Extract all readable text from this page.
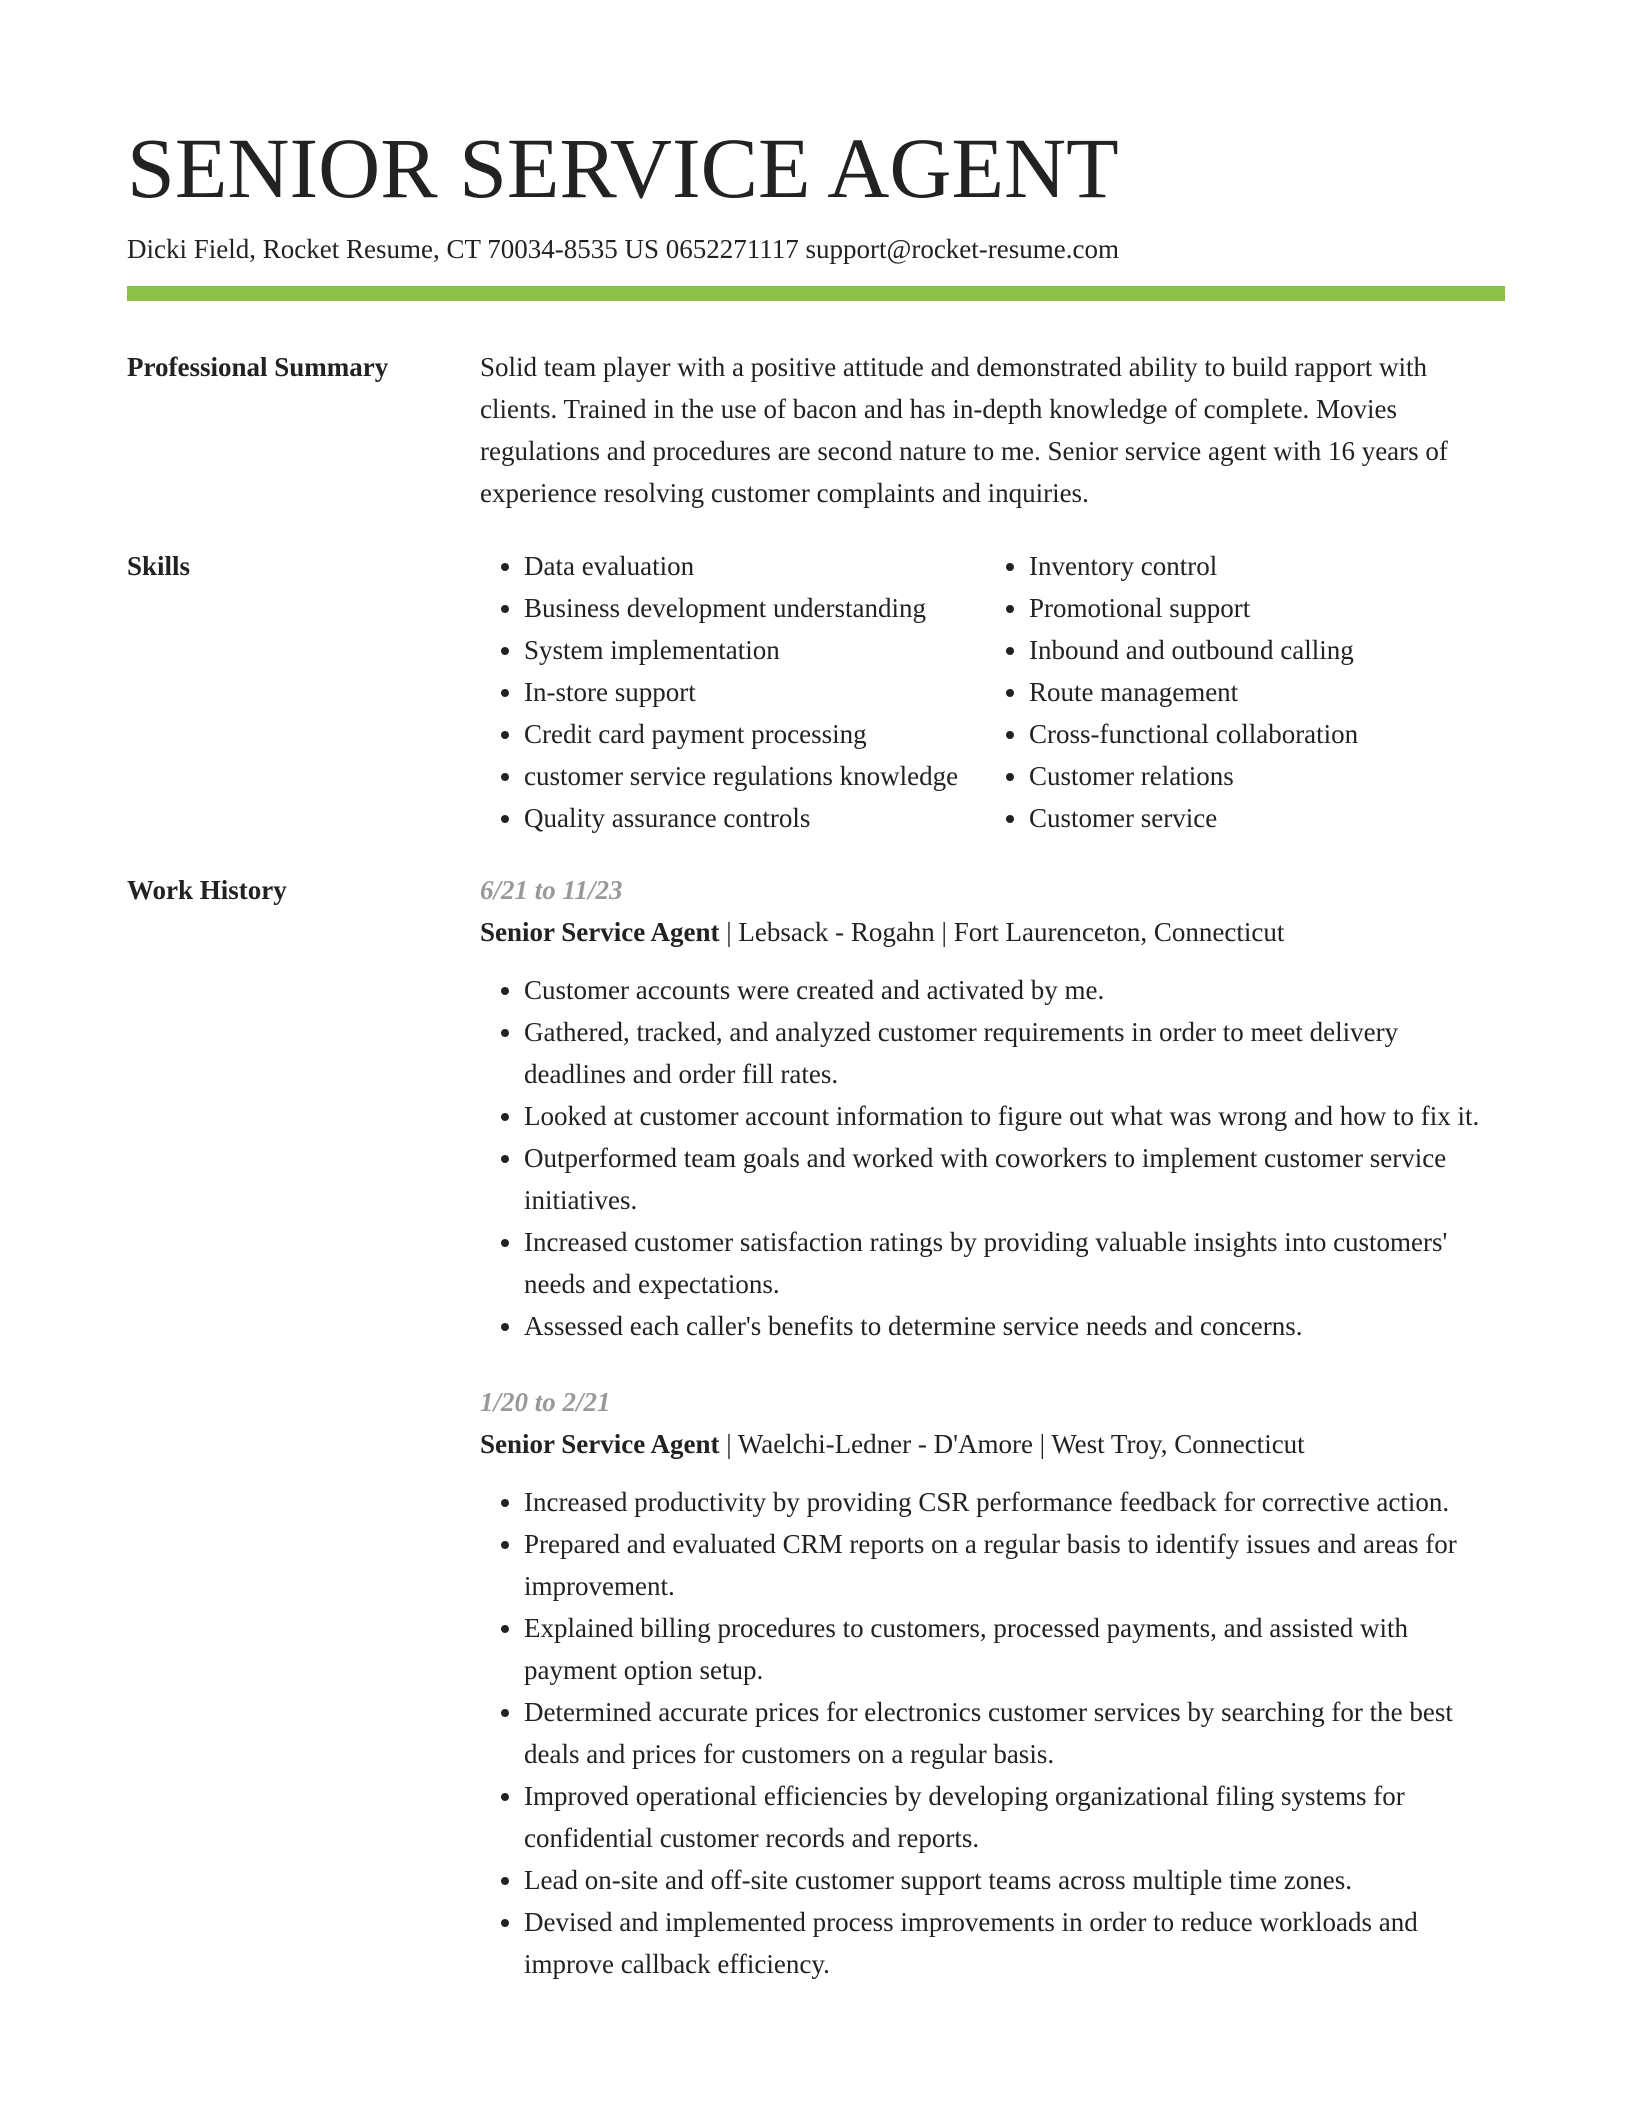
SENIOR SERVICE AGENT
Dicki Field, Rocket Resume, CT 70034-8535 US 0652271117 support@rocket-resume.com
Professional Summary	Solid team player with a positive attitude and demonstrated ability to build rapport with clients. Trained in the use of bacon and has in-depth knowledge of complete. Movies regulations and procedures are second nature to me. Senior service agent with 16 years of experience resolving customer complaints and inquiries.

Skills
•	Data evaluation
• Business development understanding
• System implementation
• In-store support
• Credit card payment processing
• customer service regulations knowledge
• Quality assurance controls
• Inventory control
• Promotional support
• Inbound and outbound calling
• Route management
• Cross-functional collaboration
• Customer relations
• Customer service
Work History	6/21 to 11/23
Senior Service Agent | Lebsack - Rogahn | Fort Laurenceton, Connecticut
• Customer accounts were created and activated by me.
• Gathered, tracked, and analyzed customer requirements in order to meet delivery deadlines and order fill rates.
• Looked at customer account information to figure out what was wrong and how to fix it.
• Outperformed team goals and worked with coworkers to implement customer service initiatives.
• Increased customer satisfaction ratings by providing valuable insights into customers' needs and expectations.
• Assessed each caller's benefits to determine service needs and concerns.
1/20 to 2/21
Senior Service Agent | Waelchi-Ledner - D'Amore | West Troy, Connecticut
• Increased productivity by providing CSR performance feedback for corrective action.
• Prepared and evaluated CRM reports on a regular basis to identify issues and areas for improvement.
• Explained billing procedures to customers, processed payments, and assisted with payment option setup.
• Determined accurate prices for electronics customer services by searching for the best deals and prices for customers on a regular basis.
• Improved operational efficiencies by developing organizational filing systems for confidential customer records and reports.
• Lead on-site and off-site customer support teams across multiple time zones.
• Devised and implemented process improvements in order to reduce workloads and improve callback efficiency.
